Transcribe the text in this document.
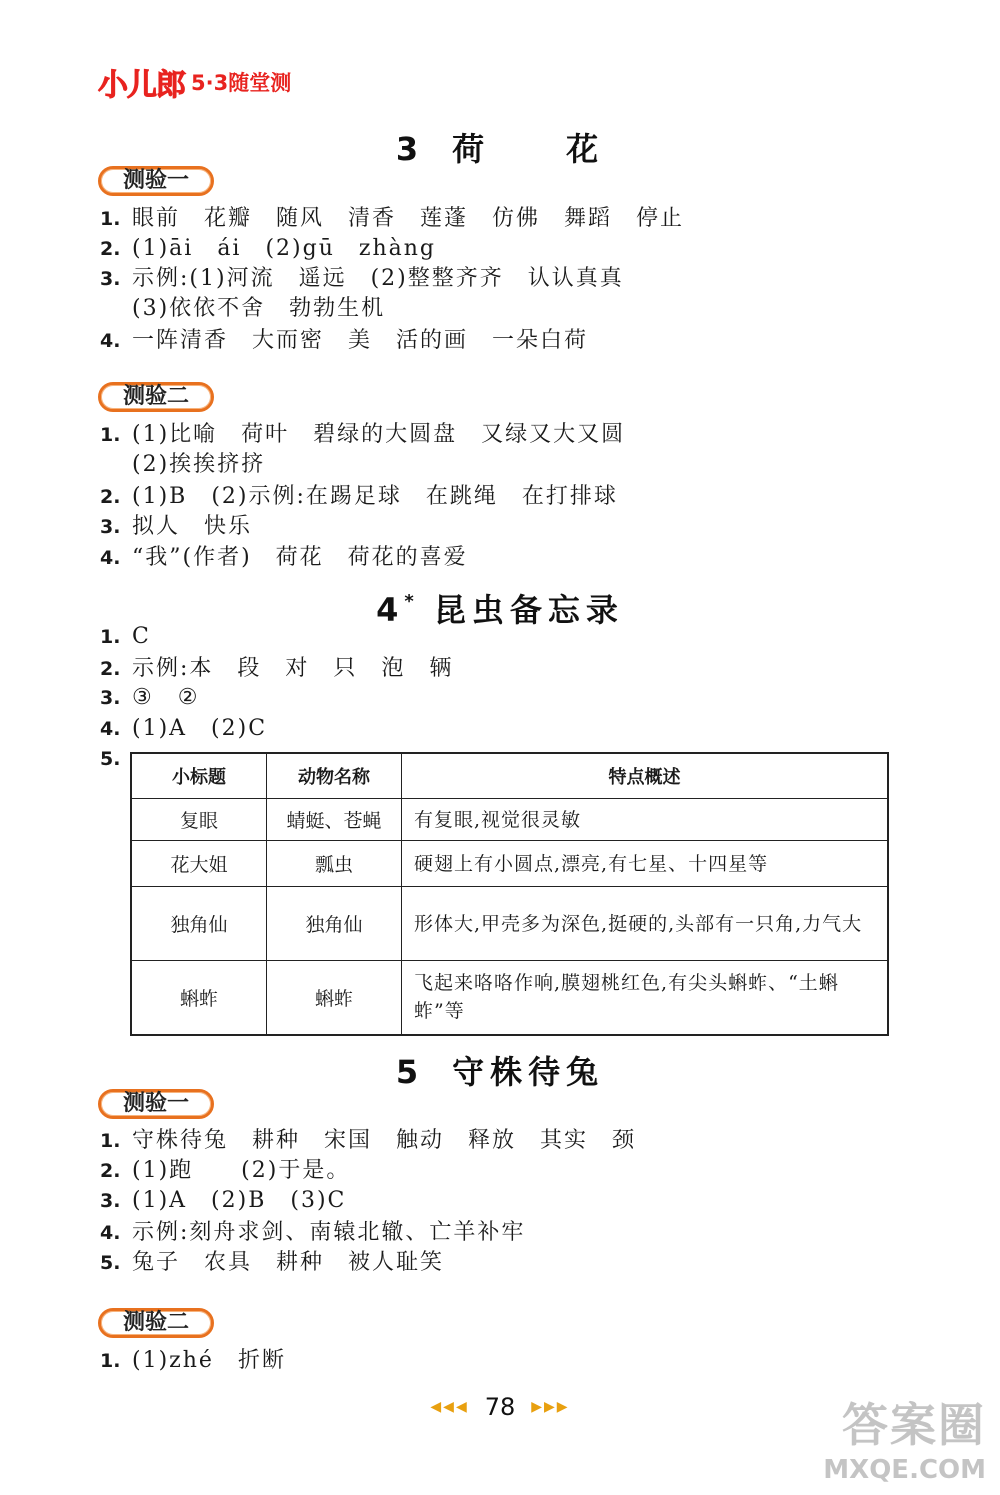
小儿郎 5·3随堂测
3 荷　　花
测验一
1. 眼前　花瓣　随风　清香　莲蓬　仿佛　舞蹈　停止
2. (1)āi　ái　(2)gū　zhàng
3. 示例:(1)河流　遥远　(2)整整齐齐　认认真真
(3)依依不舍　勃勃生机
4. 一阵清香　大而密　美　活的画　一朵白荷
测验二
1. (1)比喻　荷叶　碧绿的大圆盘　又绿又大又圆
(2)挨挨挤挤
2. (1)B　(2)示例:在踢足球　在跳绳　在打排球
3. 拟人　快乐
4. “我”(作者)　荷花　荷花的喜爱
4* 昆虫备忘录
1. C
2. 示例:本　段　对　只　泡　辆
3. ③　②
4. (1)A　(2)C
5.
小标题	动物名称	特点概述
复眼	蜻蜓、苍蝇	有复眼,视觉很灵敏
花大姐	瓢虫	硬翅上有小圆点,漂亮,有七星、十四星等
独角仙	独角仙	形体大,甲壳多为深色,挺硬的,头部有一只角,力气大
蝌蚱	蝌蚱	飞起来咯咯作响,膜翅桃红色,有尖头蝌蚱、“土蝌蚱”等
5 守株待兔
测验一
1. 守株待兔　耕种　宋国　触动　释放　其实　颈
2. (1)跑　　(2)于是。
3. (1)A　(2)B　(3)C
4. 示例:刻舟求剑、南辕北辙、亡羊补牢
5. 兔子　农具　耕种　被人耻笑
测验二
1. (1)zhé　折断
◀◀◀ 78 ▶▶▶	答案圈
MXQE.COM
